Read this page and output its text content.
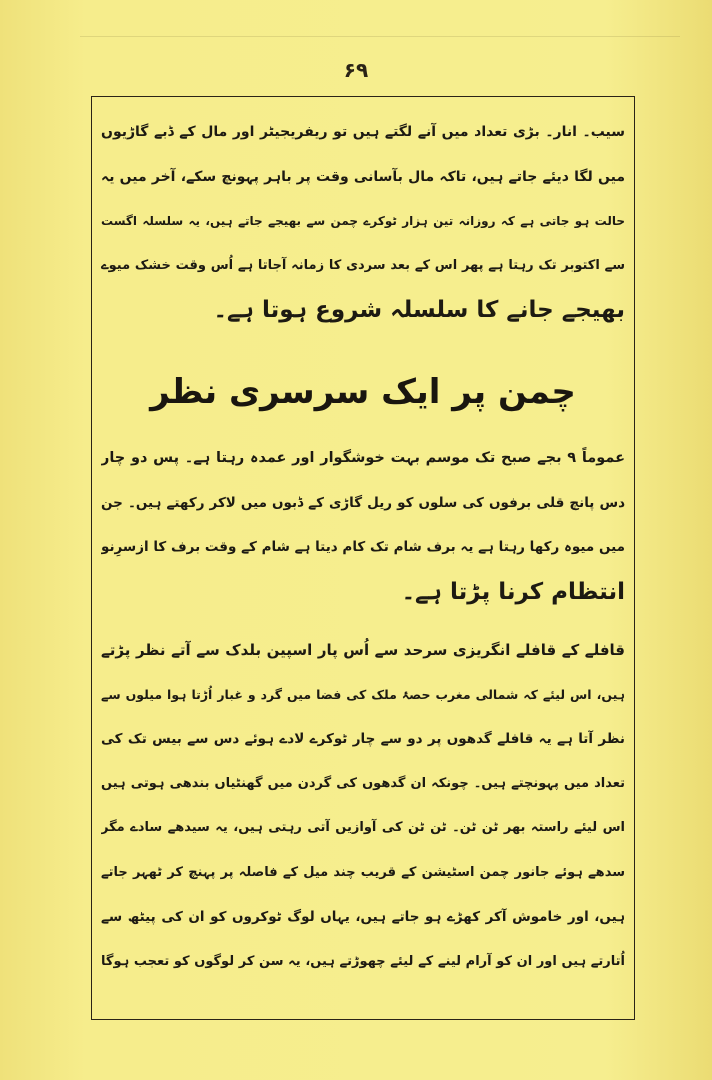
۶۹
سیب۔ انار۔ بڑی تعداد میں آنے لگتے ہیں تو ریفریجیٹر اور مال کے ڈبے گاڑیوں
میں لگا دیئے جاتے ہیں، تاکہ مال بآسانی وقت پر باہر پہونچ سکے، آخر میں یہ
حالت ہو جاتی ہے کہ روزانہ تین ہزار ٹوکرے چمن سے بھیجے جاتے ہیں، یہ سلسلہ اگست
سے اکتوبر تک رہتا ہے پھر اس کے بعد سردی کا زمانہ آجاتا ہے اُس وقت خشک میوے
بھیجے جانے کا سلسلہ شروع ہوتا ہے۔
چمن پر ایک سرسری نظر
عموماً ۹ بجے صبح تک موسم بہت خوشگوار اور عمدہ رہتا ہے۔ پس دو چار
دس پانچ قلی برفوں کی سلوں کو ریل گاڑی کے ڈبوں میں لاکر رکھتے ہیں۔ جن
میں میوہ رکھا رہتا ہے یہ برف شام تک کام دیتا ہے شام کے وقت برف کا ازسرِنو
انتظام کرنا پڑتا ہے۔
قافلے کے قافلے انگریزی سرحد سے اُس پار اسپین بلدک سے آتے نظر پڑتے
ہیں، اس لیئے کہ شمالی مغرب حصۂ ملک کی فضا میں گرد و غبار اُڑتا ہوا میلوں سے
نظر آتا ہے یہ قافلے گدھوں پر دو سے چار ٹوکرے لادے ہوئے دس سے بیس تک کی
تعداد میں پہونچتے ہیں۔ چونکہ ان گدھوں کی گردن میں گھنٹیاں بندھی ہوتی ہیں
اس لیئے راستہ بھر ٹن ٹن۔ ٹن ٹن کی آوازیں آتی رہتی ہیں، یہ سیدھے سادے مگر
سدھے ہوئے جانور چمن اسٹیشن کے قریب چند میل کے فاصلہ پر پہنچ کر ٹھہر جاتے
ہیں، اور خاموش آکر کھڑے ہو جاتے ہیں، یہاں لوگ ٹوکروں کو ان کی پیٹھ سے
اُتارتے ہیں اور ان کو آرام لینے کے لیئے چھوڑتے ہیں، یہ سن کر لوگوں کو تعجب ہوگا
